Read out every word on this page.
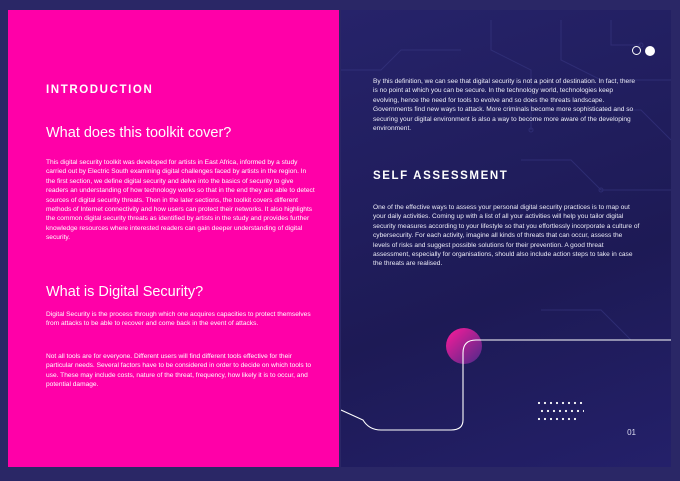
INTRODUCTION
What does this toolkit cover?

This digital security toolkit was developed for artists in East Africa, informed by a study carried out by Electric South examining digital challenges faced by artists in the region. In the first section, we define digital security and delve into the basics of security to give readers an understanding of how technology works so that in the end they are able to detect sources of digital security threats. Then in the later sections, the toolkit covers different methods of Internet connectivity and how users can protect their networks. It also highlights the common digital security threats as identified by artists in the study and provides further knowledge resources where interested readers can gain deeper understanding of digital security.

What is Digital Security?

Digital Security is the process through which one acquires capacities to protect themselves from attacks to be able to recover and come back in the event of attacks.

Not all tools are for everyone. Different users will find different tools effective for their particular needs. Several factors have to be considered in order to decide on which tools to use. These may include costs, nature of the threat, frequency, how likely it is to occur, and potential damage.

By this definition, we can see that digital security is not a point of destination. In fact, there is no point at which you can be secure. In the technology world, technologies keep evolving, hence the need for tools to evolve and so does the threats landscape. Governments find new ways to attack. More criminals become more sophisticated and so securing your digital environment is also a way to become more aware of the developing environment.

SELF ASSESSMENT

One of the effective ways to assess your personal digital security practices is to map out your daily activities. Coming up with a list of all your activities will help you tailor digital security measures according to your lifestyle so that you effortlessly incorporate a culture of cybersecurity. For each activity, imagine all kinds of threats that can occur, assess the levels of risks and suggest possible solutions for their prevention. A good threat assessment, especially for organisations, should also include action steps to take in case the threats are realised.

01
